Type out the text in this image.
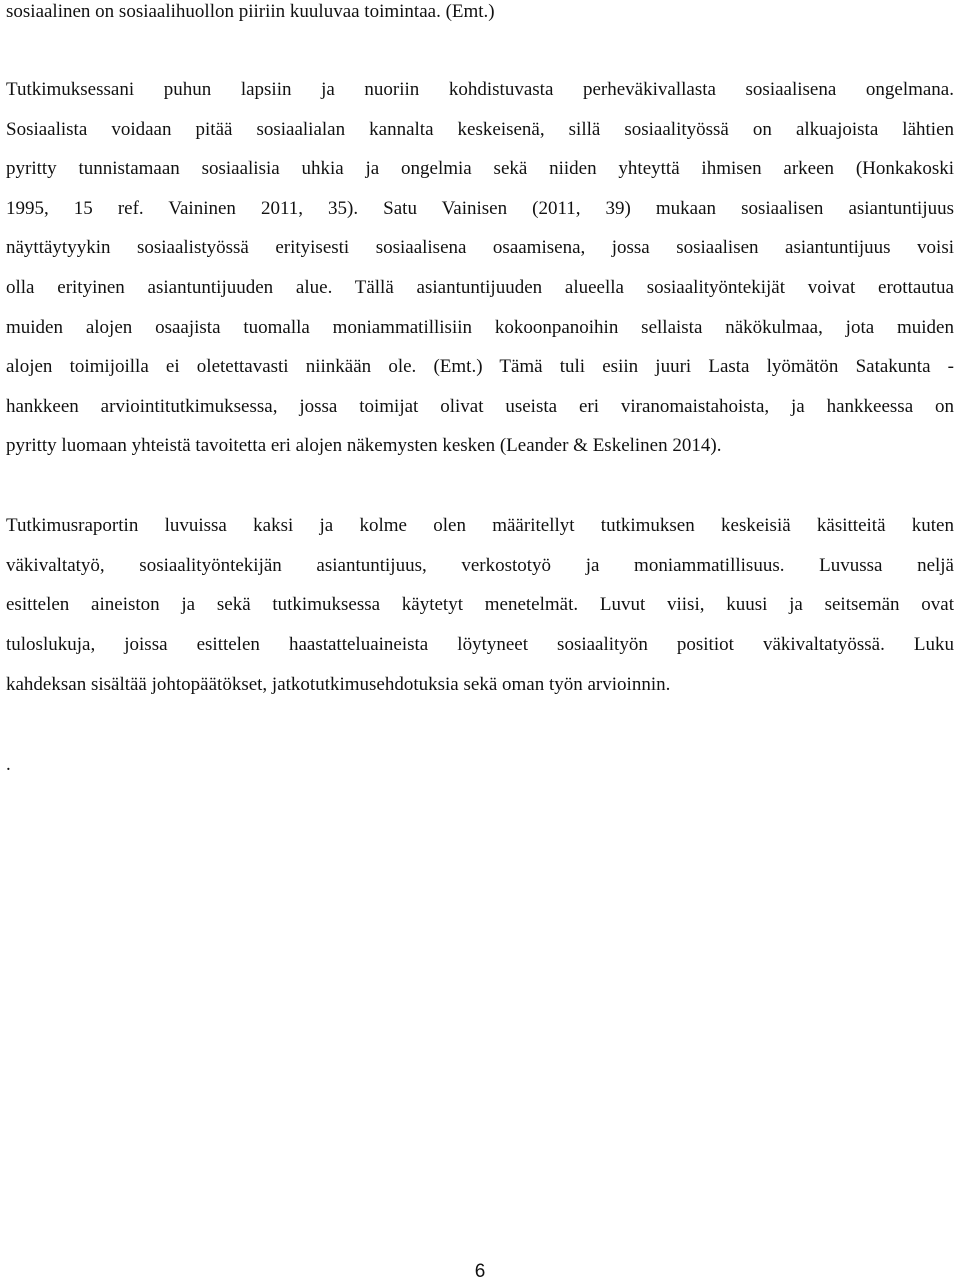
sosiaalinen on sosiaalihuollon piiriin kuuluvaa toimintaa. (Emt.)
Tutkimuksessani puhun lapsiin ja nuoriin kohdistuvasta perheväkivallasta sosiaalisena ongelmana.
Sosiaalista voidaan pitää sosiaalialan kannalta keskeisenä, sillä sosiaalityössä on alkuajoista lähtien
pyritty tunnistamaan sosiaalisia uhkia ja ongelmia sekä niiden yhteyttä ihmisen arkeen (Honkakoski
1995, 15 ref. Vaininen 2011, 35). Satu Vainisen (2011, 39) mukaan sosiaalisen asiantuntijuus
näyttäytyykin sosiaalistyössä erityisesti sosiaalisena osaamisena, jossa sosiaalisen asiantuntijuus voisi
olla erityinen asiantuntijuuden alue. Tällä asiantuntijuuden alueella sosiaalityöntekijät voivat erottautua
muiden alojen osaajista tuomalla moniammatillisiin kokoonpanoihin sellaista näkökulmaa, jota muiden
alojen toimijoilla ei oletettavasti niinkään ole. (Emt.) Tämä tuli esiin juuri Lasta lyömätön Satakunta -
hankkeen arviointitutkimuksessa, jossa toimijat olivat useista eri viranomaistahoista, ja hankkeessa on
pyritty luomaan yhteistä tavoitetta eri alojen näkemysten kesken (Leander & Eskelinen 2014).
Tutkimusraportin luvuissa kaksi ja kolme olen määritellyt tutkimuksen keskeisiä käsitteitä kuten
väkivaltatyö, sosiaalityöntekijän asiantuntijuus, verkostotyö ja moniammatillisuus. Luvussa neljä
esittelen aineiston ja sekä tutkimuksessa käytetyt menetelmät. Luvut viisi, kuusi ja seitsemän ovat
tuloslukuja, joissa esittelen haastatteluaineista löytyneet sosiaalityön positiot väkivaltatyössä. Luku
kahdeksan sisältää johtopäätökset, jatkotutkimusehdotuksia sekä oman työn arvioinnin.
.
6
